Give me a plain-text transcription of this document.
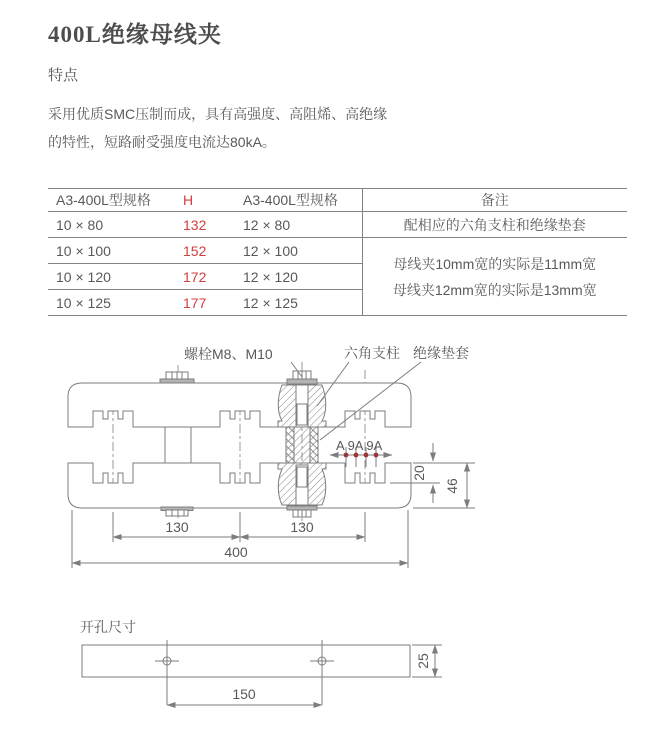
400L绝缘母线夹
特点
采用优质SMC压制而成，具有高强度、高阻烯、高绝缘
的特性，短路耐受强度电流达80kA。
A3-400L型规格	H	A3-400L型规格	备注
10 × 80	132	12 × 80	配相应的六角支柱和绝缘垫套
10 × 100	152	12 × 100	母线夹10mm宽的实际是11mm宽
母线夹12mm宽的实际是13mm宽

10 × 120	172	12 × 120	
10 × 125	177	12 × 125	
螺栓M8、M10	六角支柱 绝缘垫套
A 9A 9A
130	130
400
20
46
开孔尺寸
150
25
